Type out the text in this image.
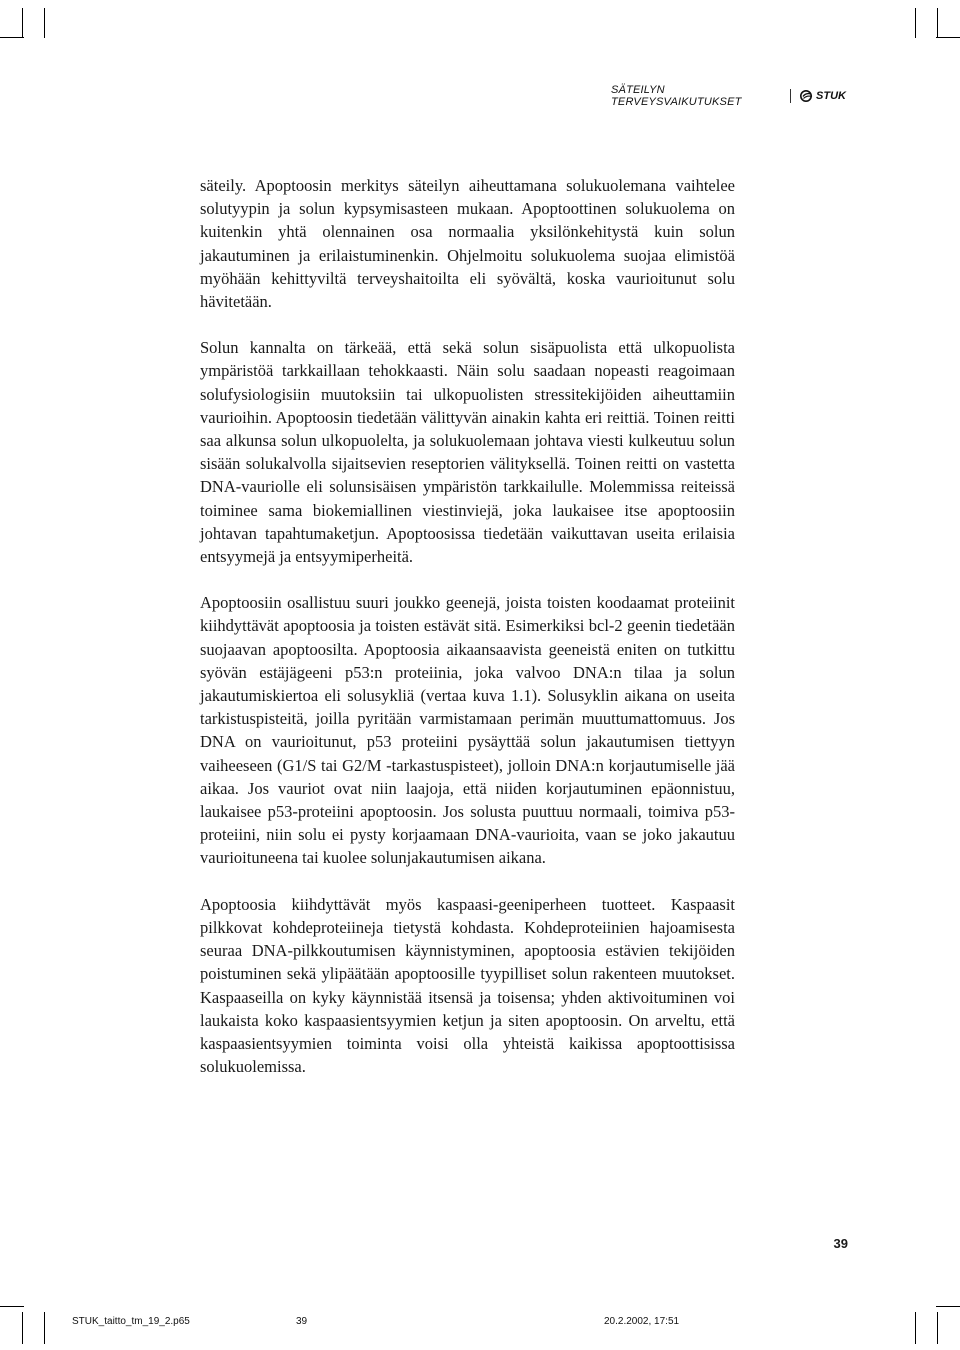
SÄTEILYN TERVEYSVAIKUTUKSET	STUK

säteily. Apoptoosin merkitys säteilyn aiheuttamana solukuolemana vaihtelee solutyypin ja solun kypsymisasteen mukaan. Apoptoottinen solukuolema on kuitenkin yhtä olennainen osa normaalia yksilönkehitystä kuin solun jakautuminen ja erilaistuminenkin. Ohjelmoitu solukuolema suojaa elimistöä myöhään kehittyviltä terveyshaitoilta eli syövältä, koska vaurioitunut solu hävitetään.

Solun kannalta on tärkeää, että sekä solun sisäpuolista että ulkopuolista ympäristöä tarkkaillaan tehokkaasti. Näin solu saadaan nopeasti reagoimaan solufysiologisiin muutoksiin tai ulkopuolisten stressitekijöiden aiheuttamiin vaurioihin. Apoptoosin tiedetään välittyvän ainakin kahta eri reittiä. Toinen reitti saa alkunsa solun ulkopuolelta, ja solukuolemaan johtava viesti kulkeutuu solun sisään solukalvolla sijaitsevien reseptorien välityksellä. Toinen reitti on vastetta DNA-vauriolle eli solunsisäisen ympäristön tarkkailulle. Molemmissa reiteissä toiminee sama biokemiallinen viestinviejä, joka laukaisee itse apoptoosiin johtavan tapahtumaketjun. Apoptoosissa tiedetään vaikuttavan useita erilaisia entsyymejä ja entsyymiperheitä.

Apoptoosiin osallistuu suuri joukko geenejä, joista toisten koodaamat proteiinit kiihdyttävät apoptoosia ja toisten estävät sitä. Esimerkiksi bcl-2 geenin tiedetään suojaavan apoptoosilta. Apoptoosia aikaansaavista geeneistä eniten on tutkittu syövän estäjägeeni p53:n proteiinia, joka valvoo DNA:n tilaa ja solun jakautumiskiertoa eli solusykliä (vertaa kuva 1.1). Solusyklin aikana on useita tarkistuspisteitä, joilla pyritään varmistamaan perimän muuttumattomuus. Jos DNA on vaurioitunut, p53 proteiini pysäyttää solun jakautumisen tiettyyn vaiheeseen (G1/S tai G2/M -tarkastuspisteet), jolloin DNA:n korjautumiselle jää aikaa. Jos vauriot ovat niin laajoja, että niiden korjautuminen epäonnistuu, laukaisee p53-proteiini apoptoosin. Jos solusta puuttuu normaali, toimiva p53-proteiini, niin solu ei pysty korjaamaan DNA-vaurioita, vaan se joko jakautuu vaurioituneena tai kuolee solunjakautumisen aikana.

Apoptoosia kiihdyttävät myös kaspaasi-geeniperheen tuotteet. Kaspaasit pilkkovat kohdeproteiineja tietystä kohdasta. Kohdeproteiinien hajoamisesta seuraa DNA-pilkkoutumisen käynnistyminen, apoptoosia estävien tekijöiden poistuminen sekä ylipäätään apoptoosille tyypilliset solun rakenteen muutokset. Kaspaaseilla on kyky käynnistää itsensä ja toisensa; yhden aktivoituminen voi laukaista koko kaspaasientsyymien ketjun ja siten apoptoosin. On arveltu, että kaspaasientsyymien toiminta voisi olla yhteistä kaikissa apoptoottisissa solukuolemissa.

39
STUK_taitto_tm_19_2.p65	39	20.2.2002, 17:51
